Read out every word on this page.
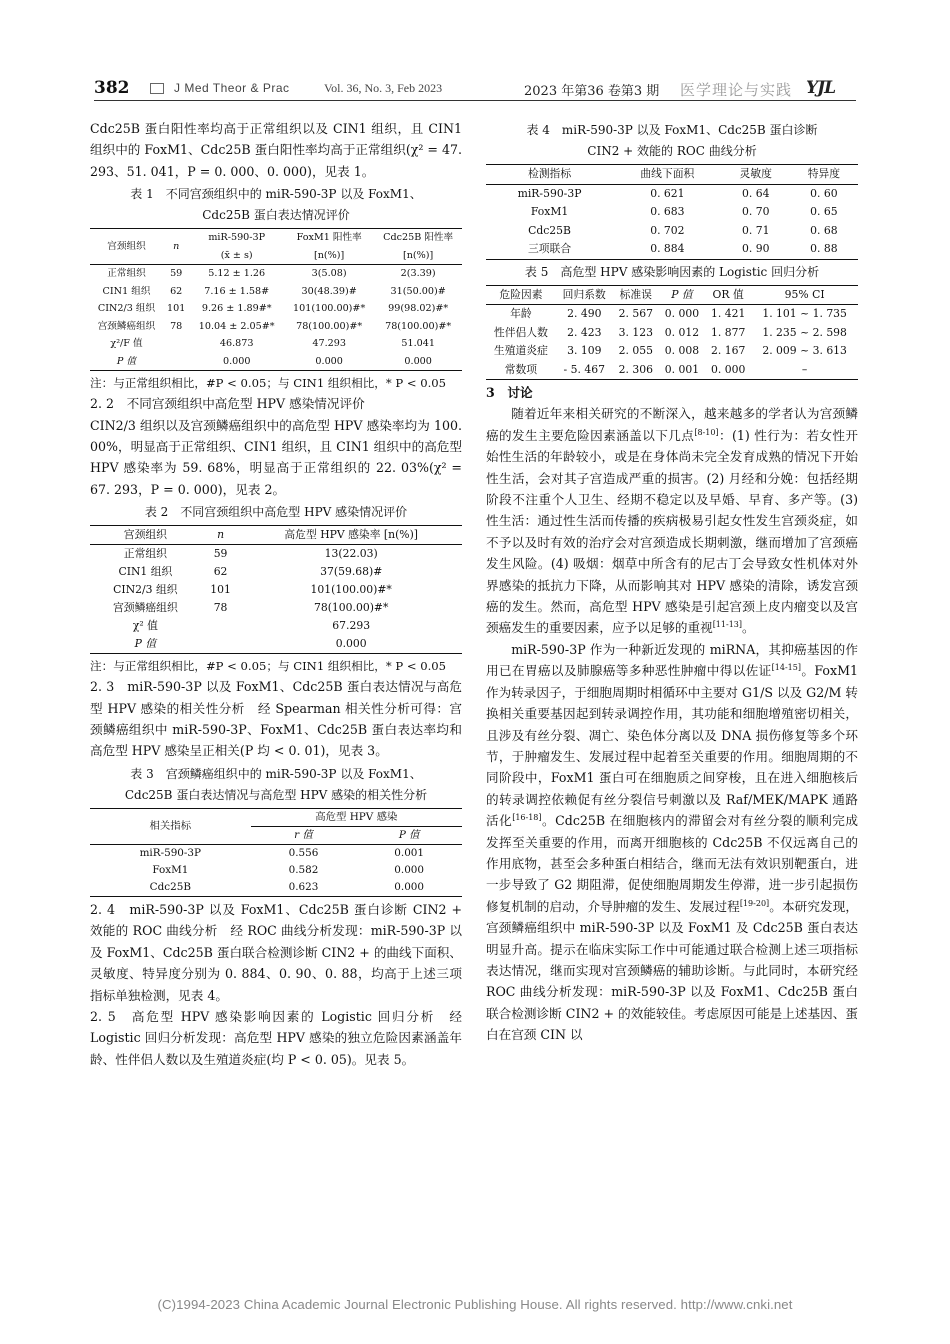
382	J Med Theor & Prac	Vol. 36, No. 3, Feb 2023	2023 年第36 卷第3 期 医学理论与实践 YJL

Cdc25B 蛋白阳性率均高于正常组织以及 CIN1 组织，且 CIN1 组织中的 FoxM1、Cdc25B 蛋白阳性率均高于正常组织(χ² = 47. 293、51. 041，P = 0. 000、0. 000)，见表 1。

表 1　不同宫颈组织中的 miR-590-3P 以及 FoxM1、
Cdc25B 蛋白表达情况评价
宫颈组织	n	miR-590-3P	FoxM1 阳性率	Cdc25B 阳性率
		(x̄ ± s)	[n(%)]	[n(%)]
正常组织	59	5.12 ± 1.26	3(5.08)	2(3.39)
CIN1 组织	62	7.16 ± 1.58#	30(48.39)#	31(50.00)#
CIN2/3 组织	101	9.26 ± 1.89#*	101(100.00)#*	99(98.02)#*
宫颈鳞癌组织	78	10.04 ± 2.05#*	78(100.00)#*	78(100.00)#*
χ²/F 值		46.873	47.293	51.041
P 值		0.000	0.000	0.000
注：与正常组织相比，#P < 0.05；与 CIN1 组织相比，* P < 0.05

2. 2　不同宫颈组织中高危型 HPV 感染情况评价

CIN2/3 组织以及宫颈鳞癌组织中的高危型 HPV 感染率均为 100. 00%，明显高于正常组织、CIN1 组织，且 CIN1 组织中的高危型 HPV 感染率为 59. 68%，明显高于正常组织的 22. 03%(χ² = 67. 293，P = 0. 000)，见表 2。

表 2　不同宫颈组织中高危型 HPV 感染情况评价
宫颈组织	n	高危型 HPV 感染率 [n(%)]
正常组织	59	13(22.03)
CIN1 组织	62	37(59.68)#
CIN2/3 组织	101	101(100.00)#*
宫颈鳞癌组织	78	78(100.00)#*
χ² 值		67.293
P 值		0.000
注：与正常组织相比，#P < 0.05；与 CIN1 组织相比，* P < 0.05

2. 3　miR-590-3P 以及 FoxM1、Cdc25B 蛋白表达情况与高危型 HPV 感染的相关性分析　经 Spearman 相关性分析可得：宫颈鳞癌组织中 miR-590-3P、FoxM1、Cdc25B 蛋白表达率均和高危型 HPV 感染呈正相关(P 均 < 0. 01)，见表 3。

表 3　宫颈鳞癌组织中的 miR-590-3P 以及 FoxM1、
Cdc25B 蛋白表达情况与高危型 HPV 感染的相关性分析
相关指标	高危型 HPV 感染	
	r 值	P 值
miR-590-3P	0.556	0.001
FoxM1	0.582	0.000
Cdc25B	0.623	0.000

2. 4　miR-590-3P 以及 FoxM1、Cdc25B 蛋白诊断 CIN2 + 效能的 ROC 曲线分析　经 ROC 曲线分析发现：miR-590-3P 以及 FoxM1、Cdc25B 蛋白联合检测诊断 CIN2 + 的曲线下面积、灵敏度、特异度分别为 0. 884、0. 90、0. 88，均高于上述三项指标单独检测，见表 4。

2. 5　高危型 HPV 感染影响因素的 Logistic 回归分析　经 Logistic 回归分析发现：高危型 HPV 感染的独立危险因素涵盖年龄、性伴侣人数以及生殖道炎症(均 P < 0. 05)。见表 5。

表 4　miR-590-3P 以及 FoxM1、Cdc25B 蛋白诊断
CIN2 + 效能的 ROC 曲线分析
检测指标	曲线下面积	灵敏度	特异度
miR-590-3P	0. 621	0. 64	0. 60
FoxM1	0. 683	0. 70	0. 65
Cdc25B	0. 702	0. 71	0. 68
三项联合	0. 884	0. 90	0. 88
表 5　高危型 HPV 感染影响因素的 Logistic 回归分析
危险因素	回归系数	标准误	P 值	OR 值	95% CI
年龄	2. 490	2. 567	0. 000	1. 421	1. 101 ~ 1. 735
性伴侣人数	2. 423	3. 123	0. 012	1. 877	1. 235 ~ 2. 598
生殖道炎症	3. 109	2. 055	0. 008	2. 167	2. 009 ~ 3. 613
常数项	- 5. 467	2. 306	0. 001	0. 000	–

3　讨论

随着近年来相关研究的不断深入，越来越多的学者认为宫颈鳞癌的发生主要危险因素涵盖以下几点[8-10]：(1) 性行为：若女性开始性生活的年龄较小，或是在身体尚未完全发育成熟的情况下开始性生活，会对其子宫造成严重的损害。(2) 月经和分娩：包括经期阶段不注重个人卫生、经期不稳定以及早婚、早育、多产等。(3) 性生活：通过性生活而传播的疾病极易引起女性发生宫颈炎症，如不予以及时有效的治疗会对宫颈造成长期刺激，继而增加了宫颈癌发生风险。(4) 吸烟：烟草中所含有的尼古丁会导致女性机体对外界感染的抵抗力下降，从而影响其对 HPV 感染的清除，诱发宫颈癌的发生。然而，高危型 HPV 感染是引起宫颈上皮内瘤变以及宫颈癌发生的重要因素，应予以足够的重视[11-13]。

miR-590-3P 作为一种新近发现的 miRNA，其抑癌基因的作用已在胃癌以及肺腺癌等多种恶性肿瘤中得以佐证[14-15]。FoxM1 作为转录因子，于细胞周期时相循环中主要对 G1/S 以及 G2/M 转换相关重要基因起到转录调控作用，其功能和细胞增殖密切相关，且涉及有丝分裂、凋亡、染色体分离以及 DNA 损伤修复等多个环节，于肿瘤发生、发展过程中起着至关重要的作用。细胞周期的不同阶段中，FoxM1 蛋白可在细胞质之间穿梭，且在进入细胞核后的转录调控依赖促有丝分裂信号刺激以及 Raf/MEK/MAPK 通路活化[16-18]。Cdc25B 在细胞核内的滞留会对有丝分裂的顺利完成发挥至关重要的作用，而离开细胞核的 Cdc25B 不仅远离自己的作用底物，甚至会多种蛋白相结合，继而无法有效识别靶蛋白，进一步导致了 G2 期阻滞，促使细胞周期发生停滞，进一步引起损伤修复机制的启动，介导肿瘤的发生、发展过程[19-20]。本研究发现，宫颈鳞癌组织中 miR-590-3P 以及 FoxM1 及 Cdc25B 蛋白表达明显升高。提示在临床实际工作中可能通过联合检测上述三项指标表达情况，继而实现对宫颈鳞癌的辅助诊断。与此同时，本研究经 ROC 曲线分析发现：miR-590-3P 以及 FoxM1、Cdc25B 蛋白联合检测诊断 CIN2 + 的效能较佳。考虑原因可能是上述基因、蛋白在宫颈 CIN 以

(C)1994-2023 China Academic Journal Electronic Publishing House. All rights reserved. http://www.cnki.net
